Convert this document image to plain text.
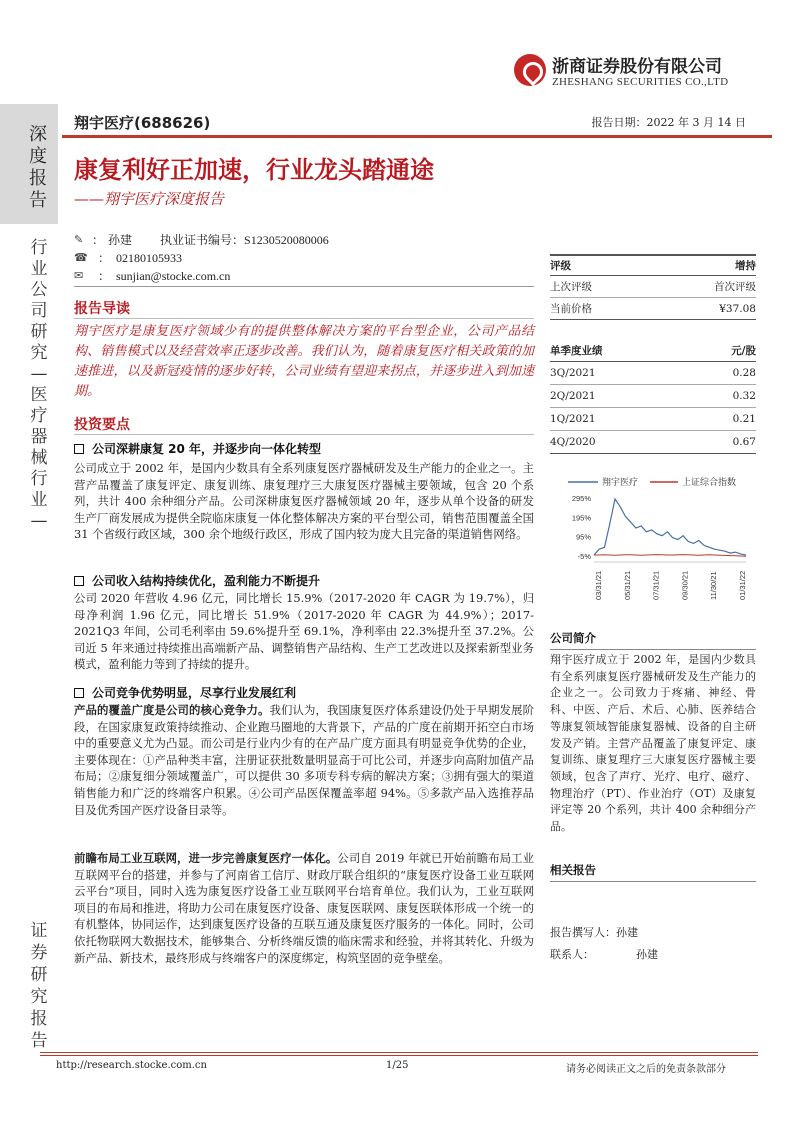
浙商证券股份有限公司
ZHESHANG SECURITIES CO.,LTD
翔宇医疗(688626)	报告日期：2022 年 3 月 14 日
深度报告
行业公司研究—医疗器械行业—
证券研究报告
康复利好正加速，行业龙头踏通途
——翔宇医疗深度报告
✎ ： 孙建 执业证书编号： S1230520080006
☎ ： 02180105933
✉	： sunjian@stocke.com.cn
报告导读
翔宇医疗是康复医疗领域少有的提供整体解决方案的平台型企业，公司产品结构、销售模式以及经营效率正逐步改善。我们认为，随着康复医疗相关政策的加速推进，以及新冠疫情的逐步好转，公司业绩有望迎来拐点，并逐步进入到加速期。
投资要点
公司深耕康复 20 年，并逐步向一体化转型
公司成立于 2002 年，是国内少数具有全系列康复医疗器械研发及生产能力的企业之一。主营产品覆盖了康复评定、康复训练、康复理疗三大康复医疗器械主要领域，包含 20 个系列，共计 400 余种细分产品。公司深耕康复医疗器械领域 20 年，逐步从单个设备的研发生产厂商发展成为提供全院临床康复一体化整体解决方案的平台型公司，销售范围覆盖全国 31 个省级行政区域，300 余个地级行政区，形成了国内较为庞大且完备的渠道销售网络。
公司收入结构持续优化，盈利能力不断提升
公司 2020 年营收 4.96 亿元，同比增长 15.9%（2017-2020 年 CAGR 为 19.7%），归母净利润 1.96 亿元，同比增长 51.9%（2017-2020 年 CAGR 为 44.9%）；2017-2021Q3 年间，公司毛利率由 59.6%提升至 69.1%，净利率由 22.3%提升至 37.2%。公司近 5 年来通过持续推出高端新产品、调整销售产品结构、生产工艺改进以及探索新型业务模式，盈利能力等到了持续的提升。
公司竞争优势明显，尽享行业发展红利
产品的覆盖广度是公司的核心竞争力。我们认为，我国康复医疗体系建设仍处于早期发展阶段，在国家康复政策持续推动、企业跑马圈地的大背景下，产品的广度在前期开拓空白市场中的重要意义尤为凸显。而公司是行业内少有的在产品广度方面具有明显竞争优势的企业，主要体现在：①产品种类丰富，注册证获批数量明显高于可比公司，并逐步向高附加值产品布局；②康复细分领域覆盖广，可以提供 30 多项专科专病的解决方案；③拥有强大的渠道销售能力和广泛的终端客户积累。④公司产品医保覆盖率超 94%。⑤多款产品入选推荐品目及优秀国产医疗设备目录等。
前瞻布局工业互联网，进一步完善康复医疗一体化。公司自 2019 年就已开始前瞻布局工业互联网平台的搭建，并参与了河南省工信厅、财政厅联合组织的“康复医疗设备工业互联网云平台”项目，同时入选为康复医疗设备工业互联网平台培育单位。我们认为，工业互联网项目的布局和推进，将助力公司在康复医疗设备、康复医联网、康复医联体形成一个统一的有机整体，协同运作，达到康复医疗设备的互联互通及康复医疗服务的一体化。同时，公司依托物联网大数据技术，能够集合、分析终端反馈的临床需求和经验，并将其转化、升级为新产品、新技术，最终形成与终端客户的深度绑定，构筑坚固的竞争壁垒。
评级	增持
上次评级	首次评级
当前价格	¥37.08
单季度业绩	元/股
3Q/2021	0.28
2Q/2021	0.32
1Q/2021	0.21
4Q/2020	0.67
翔宇医疗	上证综合指数
295%
195%
95%
-5%
03/31/21	05/31/21	07/31/21	09/30/21	11/30/21	01/31/22
公司简介
翔宇医疗成立于 2002 年，是国内少数具有全系列康复医疗器械研发及生产能力的企业之一。公司致力于疼痛、神经、骨科、中医、产后、术后、心肺、医养结合等康复领域智能康复器械、设备的自主研发及产销。主营产品覆盖了康复评定、康复训练、康复理疗三大康复医疗器械主要领域，包含了声疗、光疗、电疗、磁疗、物理治疗（PT）、作业治疗（OT）及康复评定等 20 个系列，共计 400 余种细分产品。
相关报告
报告撰写人：孙建
联系人：	孙建
http://research.stocke.com.cn	1/25	请务必阅读正文之后的免责条款部分
